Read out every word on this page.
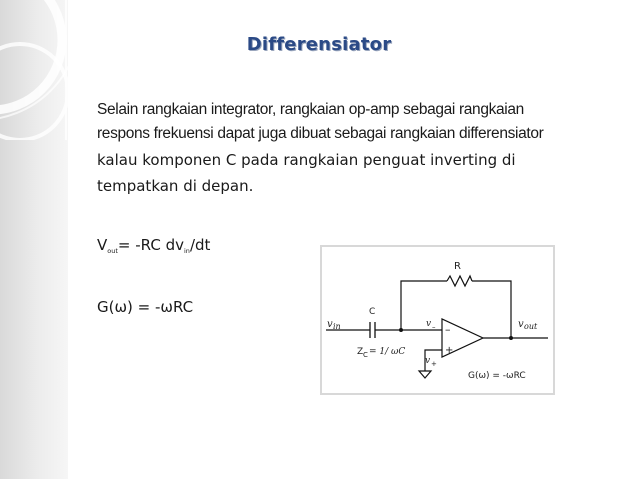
Differensiator
Selain rangkaian integrator, rangkaian op-amp sebagai rangkaian
respons frekuensi dapat juga dibuat sebagai rangkaian differensiator
kalau komponen C pada rangkaian penguat inverting di
tempatkan di depan.
$V_{out}= -RC$ $dv_{in}/dt$
G(ω) = -ωRC
–
+
R
C
v in	v –
v +
v out
Z C = 1/ ωC
G(ω) = -ωRC
